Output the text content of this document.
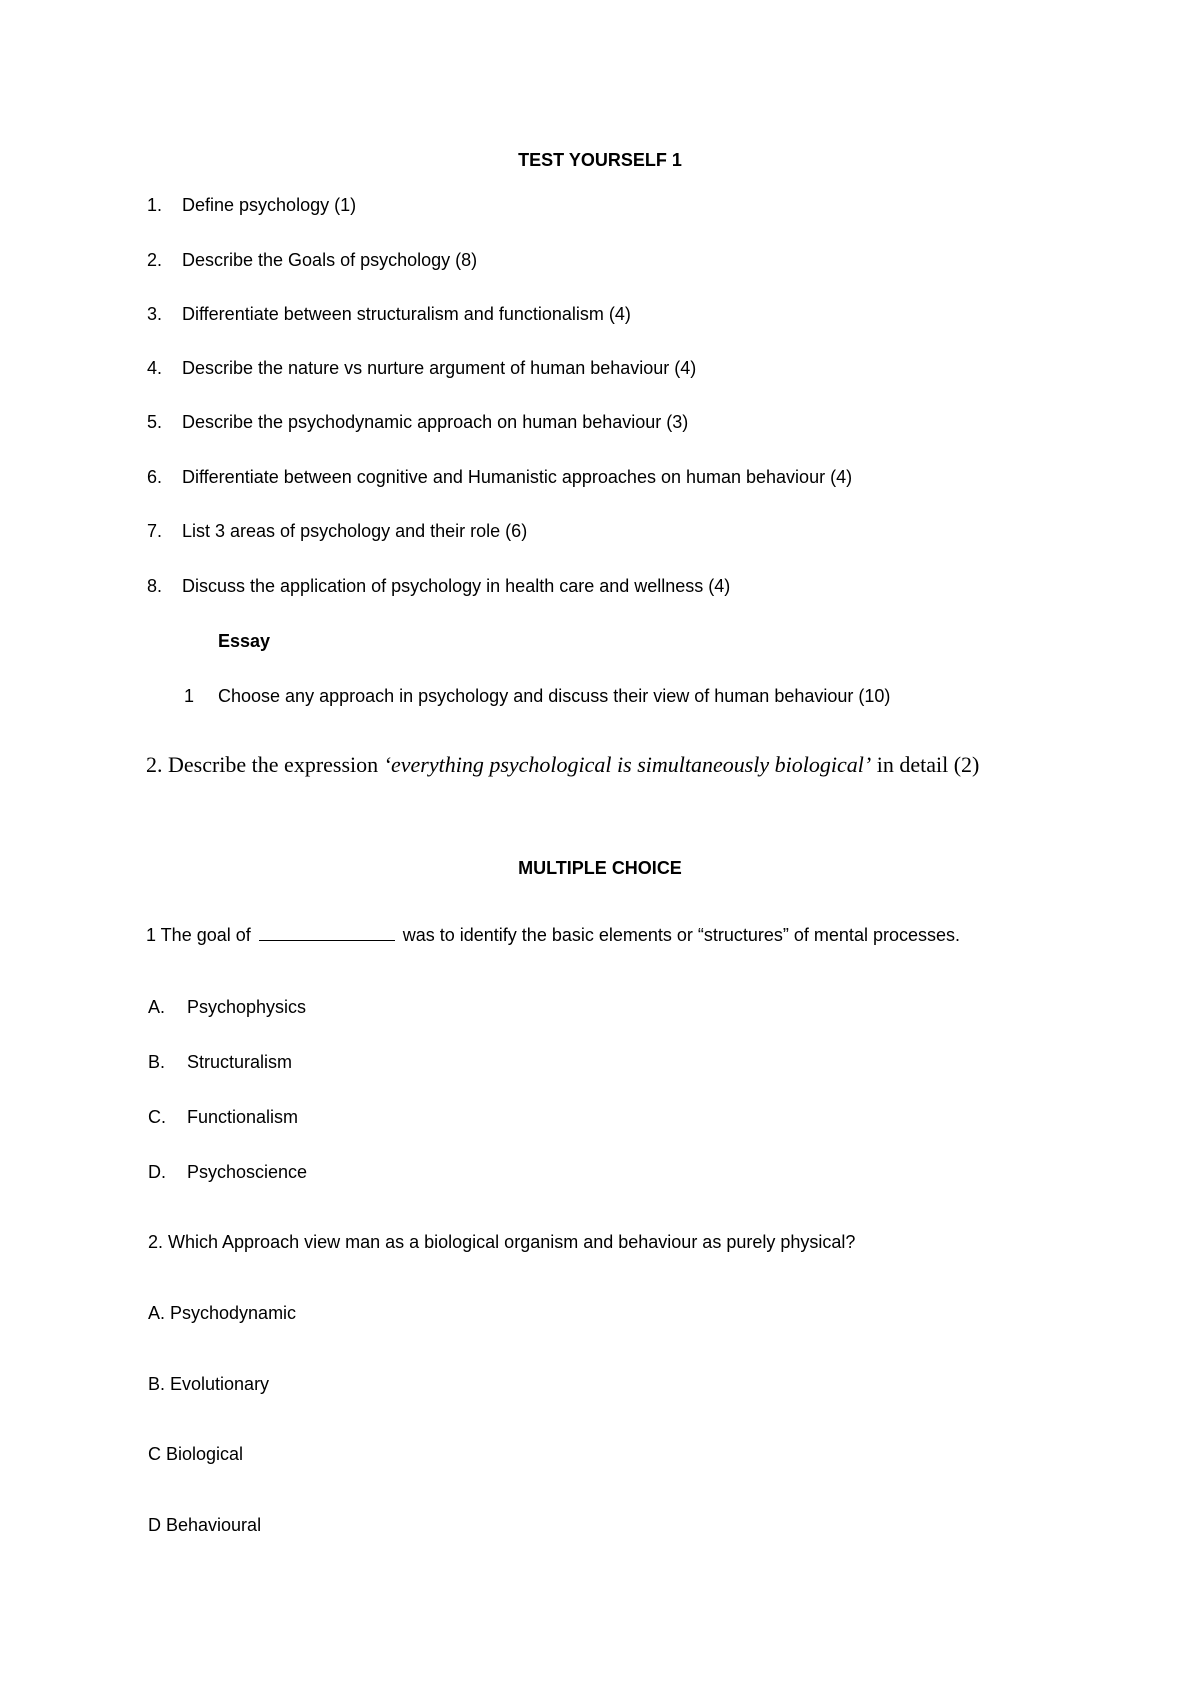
TEST YOURSELF 1
1. Define psychology (1)
2. Describe the Goals of psychology (8)
3. Differentiate between structuralism and functionalism (4)
4. Describe the nature vs nurture argument of human behaviour (4)
5. Describe the psychodynamic approach on human behaviour (3)
6. Differentiate between cognitive and Humanistic approaches on human behaviour (4)
7. List 3 areas of psychology and their role (6)
8. Discuss the application of psychology in health care and wellness (4)
Essay
1 Choose any approach in psychology and discuss their view of human behaviour (10)
2. Describe the expression ‘everything psychological is simultaneously biological’ in detail (2)
MULTIPLE CHOICE
1 The goal of	was to identify the basic elements or “structures” of mental processes.
A. Psychophysics
B. Structuralism
C. Functionalism
D. Psychoscience
2. Which Approach view man as a biological organism and behaviour as purely physical?
A. Psychodynamic
B. Evolutionary
C Biological
D Behavioural
